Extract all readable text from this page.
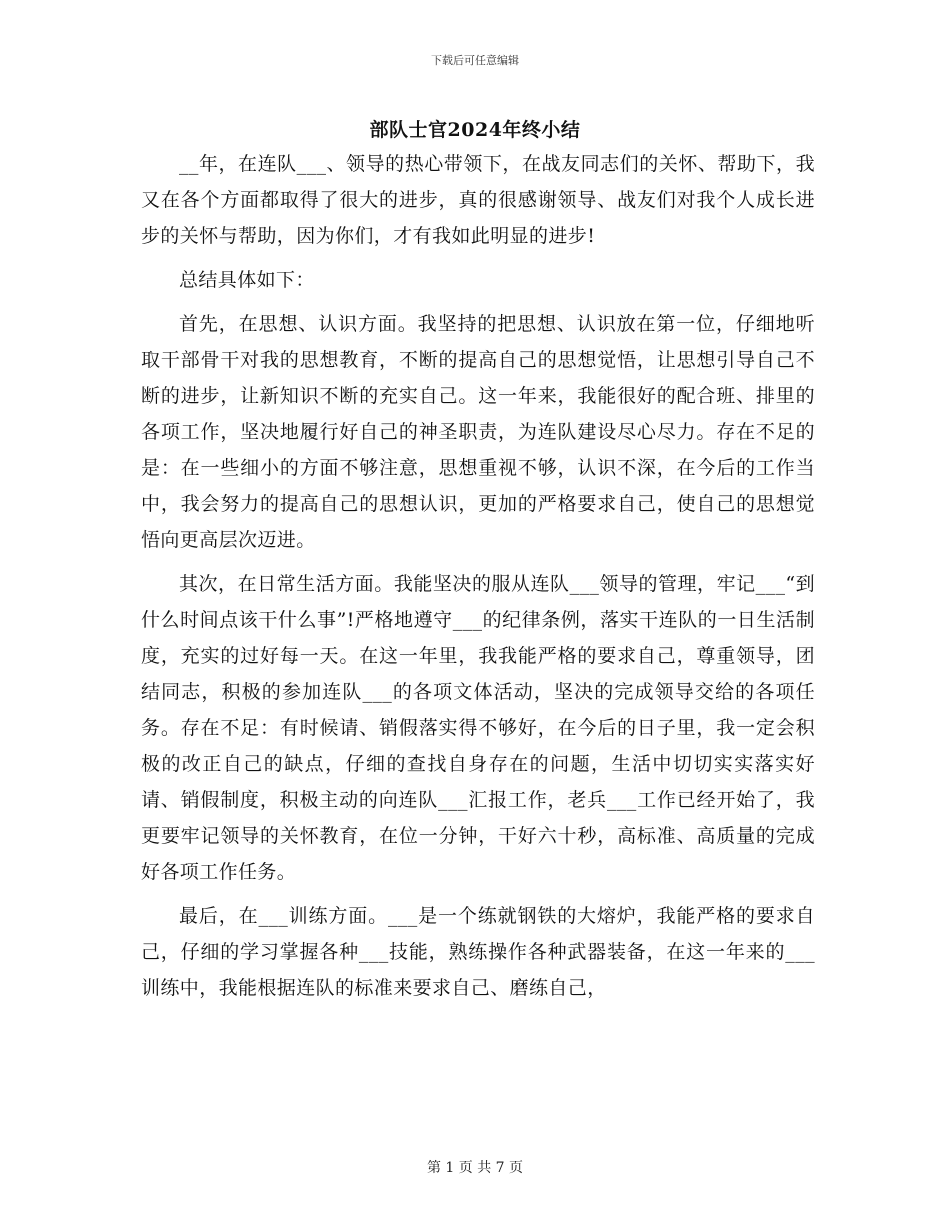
下载后可任意编辑
部队士官2024年终小结

__年，在连队___、领导的热心带领下，在战友同志们的关怀、帮助下，我又在各个方面都取得了很大的进步，真的很感谢领导、战友们对我个人成长进步的关怀与帮助，因为你们，才有我如此明显的进步!

总结具体如下：

首先，在思想、认识方面。我坚持的把思想、认识放在第一位，仔细地听取干部骨干对我的思想教育，不断的提高自己的思想觉悟，让思想引导自己不断的进步，让新知识不断的充实自己。这一年来，我能很好的配合班、排里的各项工作，坚决地履行好自己的神圣职责，为连队建设尽心尽力。存在不足的是：在一些细小的方面不够注意，思想重视不够，认识不深，在今后的工作当中，我会努力的提高自己的思想认识，更加的严格要求自己，使自己的思想觉悟向更高层次迈进。

其次，在日常生活方面。我能坚决的服从连队___领导的管理，牢记___“到什么时间点该干什么事”!严格地遵守___的纪律条例，落实干连队的一日生活制度，充实的过好每一天。在这一年里，我我能严格的要求自己，尊重领导，团结同志，积极的参加连队___的各项文体活动，坚决的完成领导交给的各项任务。存在不足：有时候请、销假落实得不够好，在今后的日子里，我一定会积极的改正自己的缺点，仔细的查找自身存在的问题，生活中切切实实落实好请、销假制度，积极主动的向连队___汇报工作，老兵___工作已经开始了，我更要牢记领导的关怀教育，在位一分钟，干好六十秒，高标准、高质量的完成好各项工作任务。

最后，在___训练方面。___是一个练就钢铁的大熔炉，我能严格的要求自己，仔细的学习掌握各种___技能，熟练操作各种武器装备，在这一年来的___训练中，我能根据连队的标准来要求自己、磨练自己，

第 1 页 共 7 页
